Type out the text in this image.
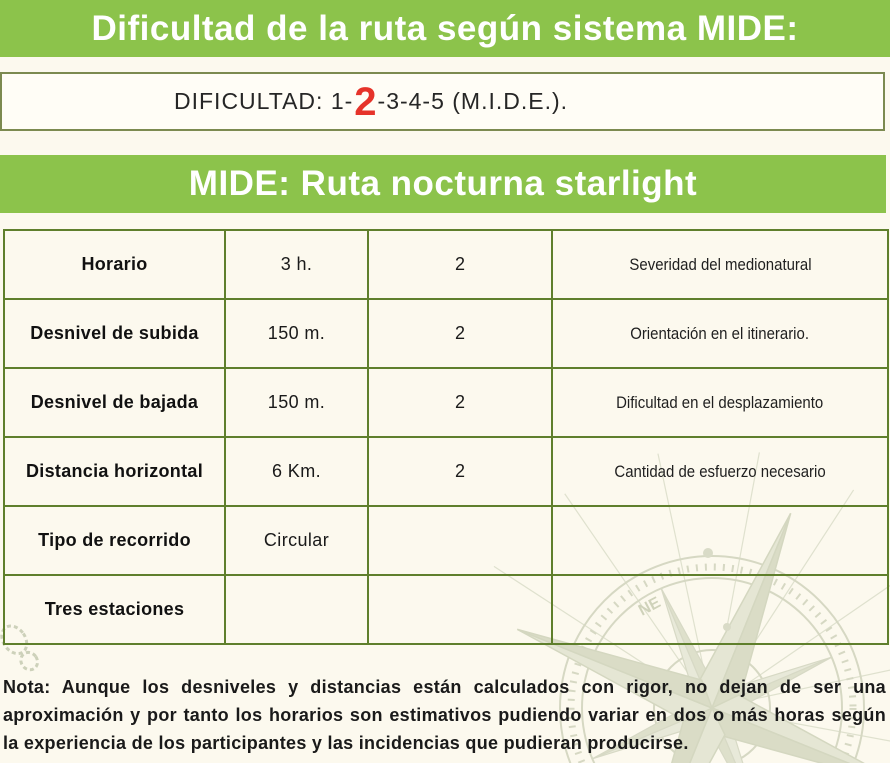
NE
Dificultad de la ruta según sistema MIDE:
DIFICULTAD: 1- 2 -3-4-5 (M.I.D.E.).
MIDE: Ruta nocturna starlight
Horario	3 h.	2	Severidad del medionatural
Desnivel de subida	150 m.	2	Orientación en el itinerario.
Desnivel de bajada	150 m.	2	Dificultad en el desplazamiento
Distancia horizontal	6 Km.	2	Cantidad de esfuerzo necesario
Tipo de recorrido	Circular		
Tres estaciones			
Nota: Aunque los desniveles y distancias están calculados con rigor, no dejan de ser una
aproximación y por tanto los horarios son estimativos pudiendo variar en dos o más horas según
la experiencia de los participantes y las incidencias que pudieran producirse.
